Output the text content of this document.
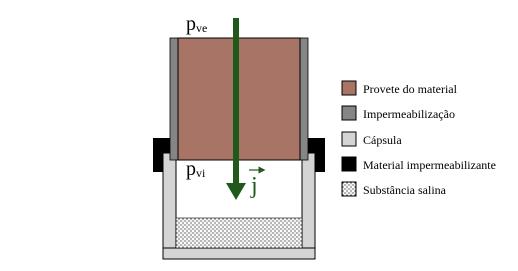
pve
pvi j
Provete do material
Impermeabilização
Cápsula
Material impermeabilizante
Substância salina
